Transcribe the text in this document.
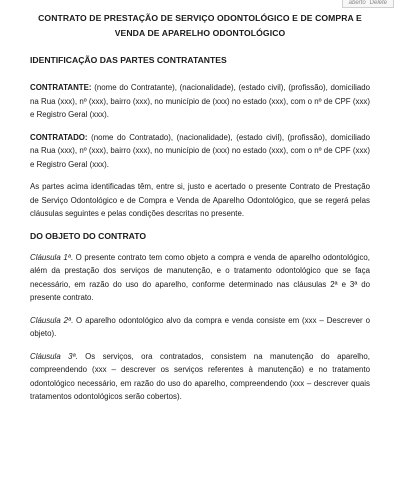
aberto Delete
CONTRATO DE PRESTAÇÃO DE SERVIÇO ODONTOLÓGICO E DE COMPRA E VENDA DE APARELHO ODONTOLÓGICO
IDENTIFICAÇÃO DAS PARTES CONTRATANTES

CONTRATANTE: (nome do Contratante), (nacionalidade), (estado civil), (profissão), domiciliado na Rua (xxx), nº (xxx), bairro (xxx), no município de (xxx) no estado (xxx), com o nº de CPF (xxx) e Registro Geral (xxx).

CONTRATADO: (nome do Contratado), (nacionalidade), (estado civil), (profissão), domiciliado na Rua (xxx), nº (xxx), bairro (xxx), no município de (xxx) no estado (xxx), com o nº de CPF (xxx) e Registro Geral (xxx).

As partes acima identificadas têm, entre si, justo e acertado o presente Contrato de Prestação de Serviço Odontológico e de Compra e Venda de Aparelho Odontológico, que se regerá pelas cláusulas seguintes e pelas condições descritas no presente.

DO OBJETO DO CONTRATO

Cláusula 1ª. O presente contrato tem como objeto a compra e venda de aparelho odontológico, além da prestação dos serviços de manutenção, e o tratamento odontológico que se faça necessário, em razão do uso do aparelho, conforme determinado nas cláusulas 2ª e 3ª do presente contrato.

Cláusula 2ª. O aparelho odontológico alvo da compra e venda consiste em (xxx – Descrever o objeto).

Cláusula 3ª. Os serviços, ora contratados, consistem na manutenção do aparelho, compreendendo (xxx – descrever os serviços referentes à manutenção) e no tratamento odontológico necessário, em razão do uso do aparelho, compreendendo (xxx – descrever quais tratamentos odontológicos serão cobertos).
